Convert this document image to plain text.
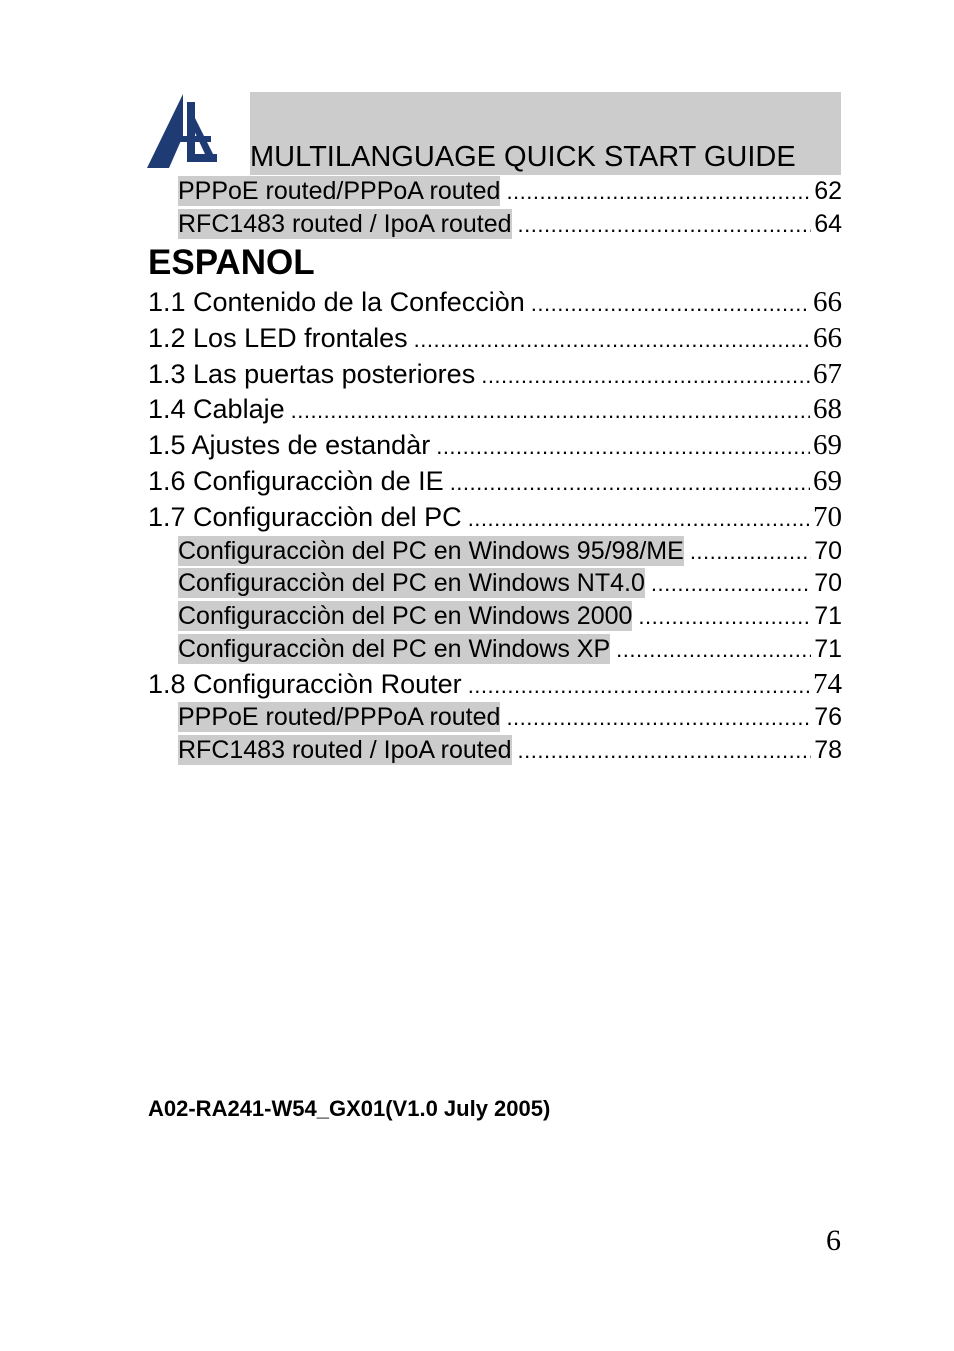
MULTILANGUAGE QUICK START GUIDE
PPPoE routed/PPPoA routed .....	62
RFC1483 routed / IpoA routed .....	64
ESPANOL
1.1 Contenido de la Confecciòn .....	66
1.2 Los LED frontales .....	66
1.3 Las puertas posteriores .....	67
1.4 Cablaje .....	68
1.5 Ajustes de estandàr .....	69
1.6 Configuracciòn de IE .....	69
1.7 Configuracciòn del PC .....	70
Configuracciòn del PC en Windows 95/98/ME .....	70
Configuracciòn del PC en Windows NT4.0 .....	70
Configuracciòn del PC en Windows 2000 .....	71
Configuracciòn del PC en Windows XP .....	71
1.8 Configuracciòn Router .....	74
PPPoE routed/PPPoA routed .....	76
RFC1483 routed / IpoA routed .....	78
A02-RA241-W54_GX01(V1.0 July 2005)
6
